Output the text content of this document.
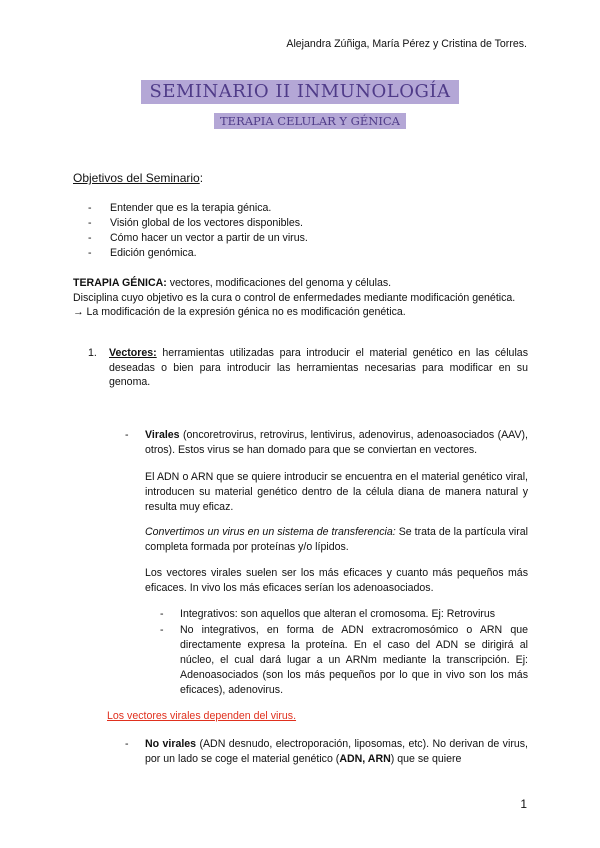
Alejandra Zúñiga, María Pérez y Cristina de Torres.
SEMINARIO II INMUNOLOGÍA
TERAPIA CELULAR Y GÉNICA
Objetivos del Seminario:
- Entender que es la terapia génica.
- Visión global de los vectores disponibles.
- Cómo hacer un vector a partir de un virus.
- Edición genómica.
TERAPIA GÉNICA: vectores, modificaciones del genoma y células.
Disciplina cuyo objetivo es la cura o control de enfermedades mediante modificación genética.
→ La modificación de la expresión génica no es modificación genética.
1. Vectores: herramientas utilizadas para introducir el material genético en las células deseadas o bien para introducir las herramientas necesarias para modificar en su genoma.
- Virales (oncoretrovirus, retrovirus, lentivirus, adenovirus, adenoasociados (AAV), otros). Estos virus se han domado para que se conviertan en vectores.
El ADN o ARN que se quiere introducir se encuentra en el material genético viral, introducen su material genético dentro de la célula diana de manera natural y resulta muy eficaz.
Convertimos un virus en un sistema de transferencia: Se trata de la partícula viral completa formada por proteínas y/o lípidos.
Los vectores virales suelen ser los más eficaces y cuanto más pequeños más eficaces. In vivo los más eficaces serían los adenoasociados.
- Integrativos: son aquellos que alteran el cromosoma. Ej: Retrovirus
- No integrativos, en forma de ADN extracromosómico o ARN que directamente expresa la proteína. En el caso del ADN se dirigirá al núcleo, el cual dará lugar a un ARNm mediante la transcripción. Ej: Adenoasociados (son los más pequeños por lo que in vivo son los más eficaces), adenovirus.
Los vectores virales dependen del virus.
- No virales (ADN desnudo, electroporación, liposomas, etc). No derivan de virus, por un lado se coge el material genético (ADN, ARN) que se quiere
1
